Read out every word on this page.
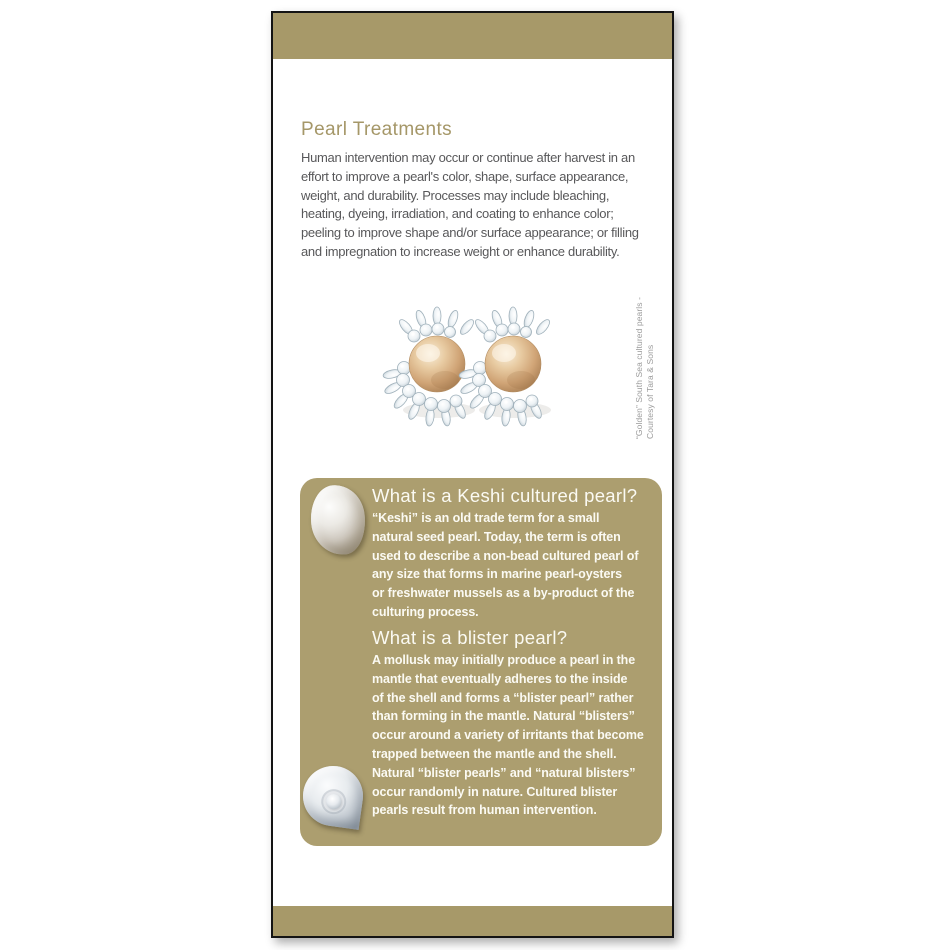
Pearl Treatments

Human intervention may occur or continue after harvest in an
effort to improve a pearl's color, shape, surface appearance,
weight, and durability. Processes may include bleaching,
heating, dyeing, irradiation, and coating to enhance color;
peeling to improve shape and/or surface appearance; or filling
and impregnation to increase weight or enhance durability.

“Golden” South Sea cultured pearls -
Courtesy of Tara & Sons
What is a Keshi cultured pearl?

“Keshi” is an old trade term for a small
natural seed pearl. Today, the term is often
used to describe a non-bead cultured pearl of
any size that forms in marine pearl-oysters
or freshwater mussels as a by-product of the
culturing process.

What is a blister pearl?

A mollusk may initially produce a pearl in the
mantle that eventually adheres to the inside
of the shell and forms a “blister pearl” rather
than forming in the mantle. Natural “blisters”
occur around a variety of irritants that become
trapped between the mantle and the shell.
Natural “blister pearls” and “natural blisters”
occur randomly in nature. Cultured blister
pearls result from human intervention.
